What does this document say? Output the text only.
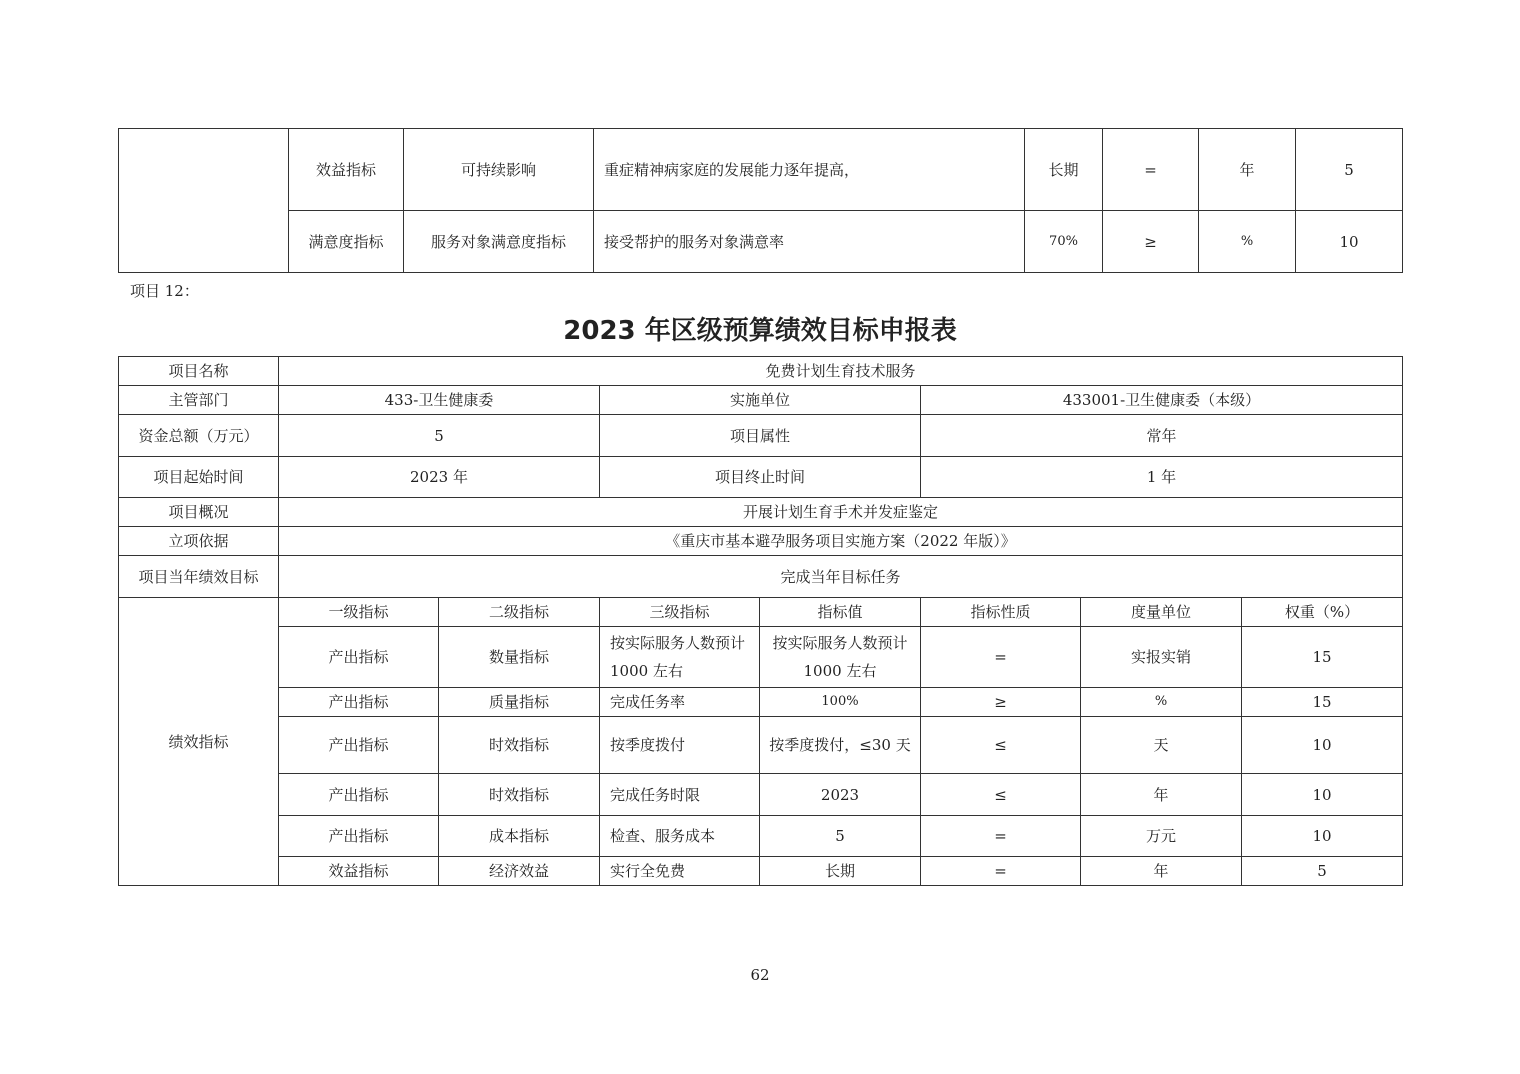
	效益指标	可持续影响	重症精神病家庭的发展能力逐年提高，	长期	=	年	5
	满意度指标	服务对象满意度指标	接受帮护的服务对象满意率	70%	≥	%	10
项目 12：
2023 年区级预算绩效目标申报表
项目名称	免费计划生育技术服务						
主管部门	433-卫生健康委		实施单位		433001-卫生健康委（本级）		
资金总额（万元）	5		项目属性		常年		
项目起始时间	2023 年		项目终止时间		1 年		
项目概况	开展计划生育手术并发症鉴定						
立项依据	《重庆市基本避孕服务项目实施方案（2022 年版）》						
项目当年绩效目标	完成当年目标任务						
绩效指标	一级指标	二级指标	三级指标	指标值	指标性质	度量单位	权重（%）
	产出指标	数量指标	按实际服务人数预计 1000 左右	按实际服务人数预计 1000 左右	=	实报实销	15
	产出指标	质量指标	完成任务率	100%	≥	%	15
	产出指标	时效指标	按季度拨付	按季度拨付，≤30 天	≤	天	10
	产出指标	时效指标	完成任务时限	2023	≤	年	10
	产出指标	成本指标	检查、服务成本	5	=	万元	10
	效益指标	经济效益	实行全免费	长期	=	年	5
62
